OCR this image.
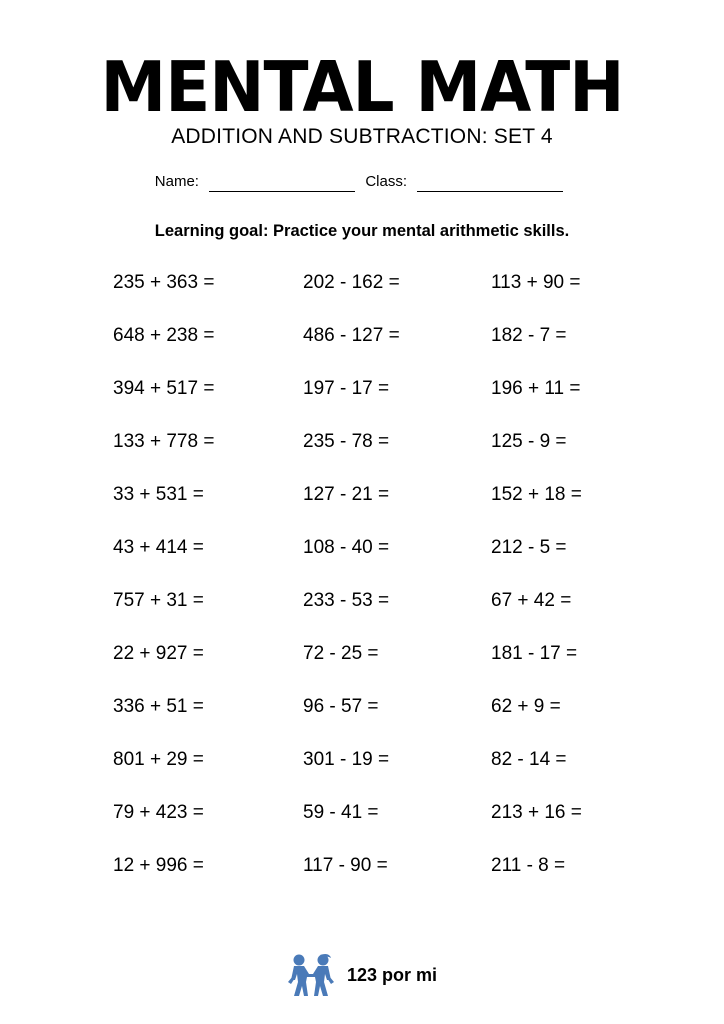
MENTAL MATH
ADDITION AND SUBTRACTION: SET 4
Name:	Class:
Learning goal: Practice your mental arithmetic skills.
235 + 363 =	202 - 162 =	113 + 90 =
648 + 238 =	486 - 127 =	182 - 7 =
394 + 517 =	197 - 17 =	196 + 11 =
133 + 778 =	235 - 78 =	125 - 9 =
33 + 531 =	127 - 21 =	152 + 18 =
43 + 414 =	108 - 40 =	212 - 5 =
757 + 31 =	233 - 53 =	67 + 42 =
22 + 927 =	72 - 25 =	181 - 17 =
336 + 51 =	96 - 57 =	62 + 9 =
801 + 29 =	301 - 19 =	82 - 14 =
79 + 423 =	59 - 41 =	213 + 16 =
12 + 996 =	117 - 90 =	211 - 8 =
123 por mi
